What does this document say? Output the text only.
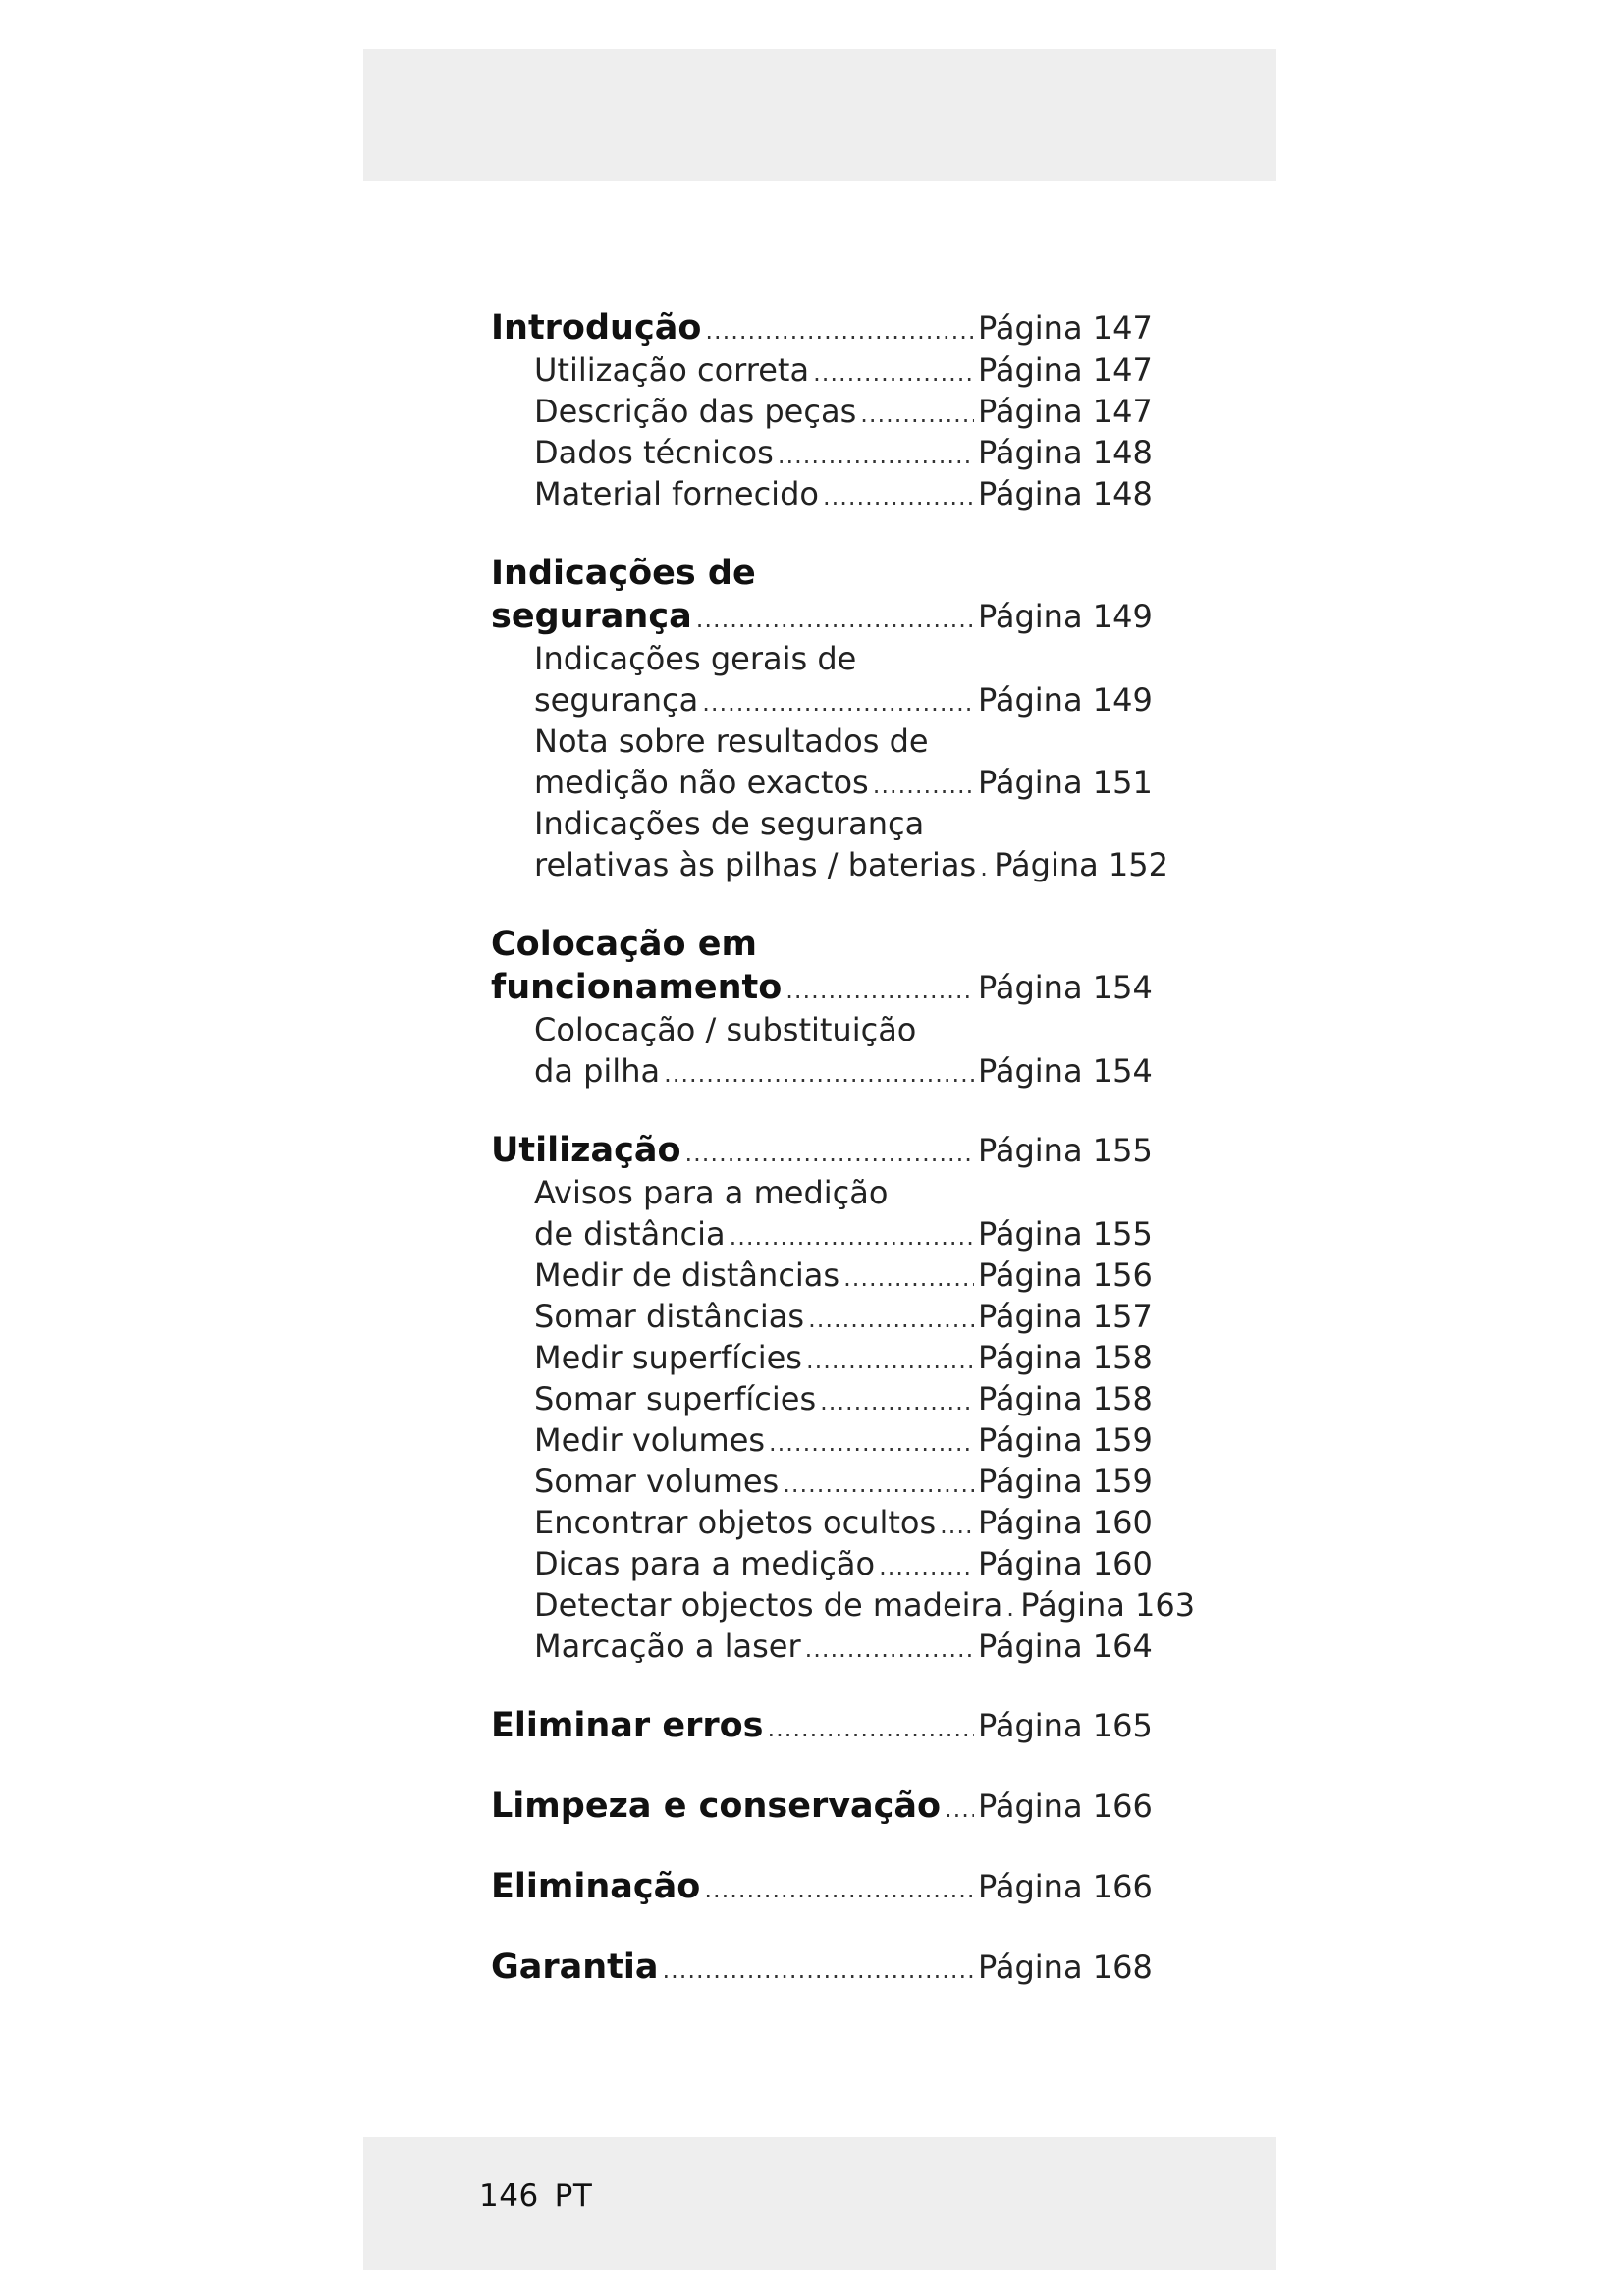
Introdução .....	Página 147
Utilização correta .....	Página 147
Descrição das peças .....	Página 147
Dados técnicos .....	Página 148
Material fornecido .....	Página 148
Indicações de
segurança .....	Página 149
Indicações gerais de
segurança .....	Página 149
Nota sobre resultados de
medição não exactos .....	Página 151
Indicações de segurança
relativas às pilhas / baterias ..... Página 152
Colocação em
funcionamento .....	Página 154
Colocação / substituição
da pilha .....	Página 154
Utilização .....	Página 155
Avisos para a medição
de distância .....	Página 155
Medir de distâncias .....	Página 156
Somar distâncias .....	Página 157
Medir superfícies .....	Página 158
Somar superfícies .....	Página 158
Medir volumes .....	Página 159
Somar volumes .....	Página 159
Encontrar objetos ocultos ..... Página 160
Dicas para a medição .....	Página 160
Detectar objectos de madeira ..... Página 163
Marcação a laser .....	Página 164
Eliminar erros .....	Página 165
Limpeza e conservação ..... Página 166
Eliminação .....	Página 166
Garantia .....	Página 168
146 PT
